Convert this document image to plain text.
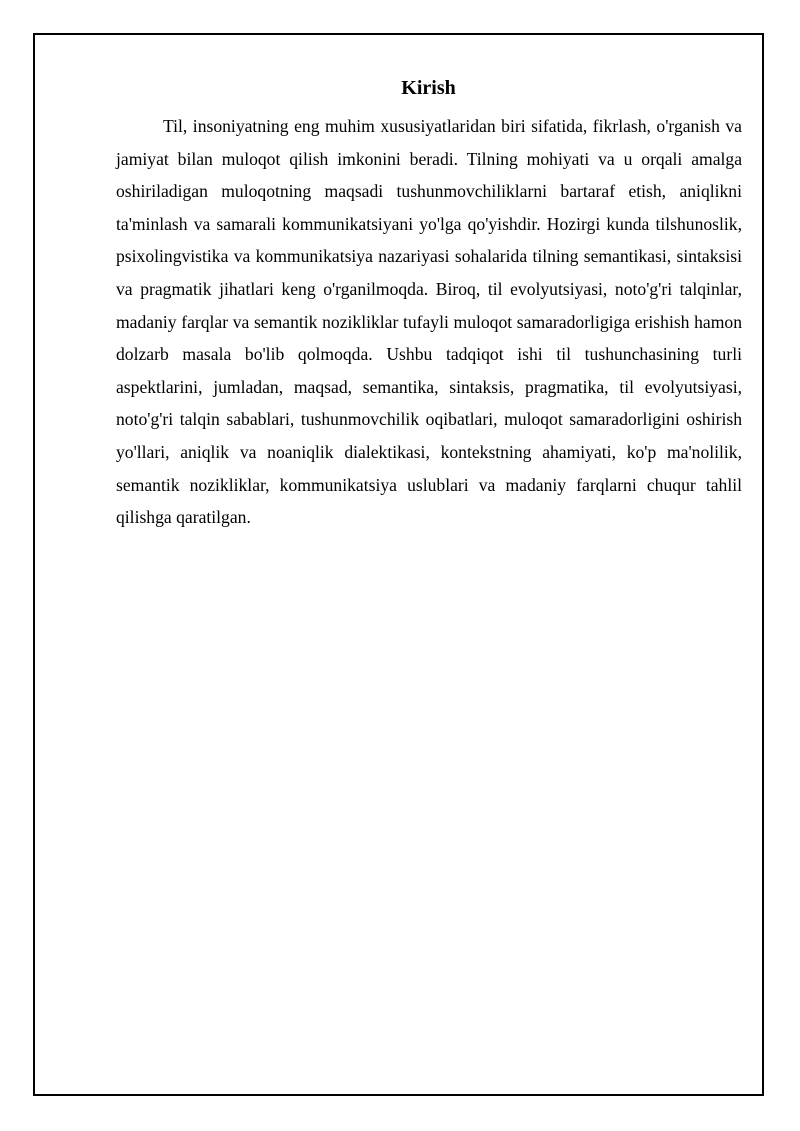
Kirish

Til, insoniyatning eng muhim xususiyatlaridan biri sifatida, fikrlash, o'rganish va jamiyat bilan muloqot qilish imkonini beradi. Tilning mohiyati va u orqali amalga oshiriladigan muloqotning maqsadi tushunmovchiliklarni bartaraf etish, aniqlikni ta'minlash va samarali kommunikatsiyani yo'lga qo'yishdir. Hozirgi kunda tilshunoslik, psixolingvistika va kommunikatsiya nazariyasi sohalarida tilning semantikasi, sintaksisi va pragmatik jihatlari keng o'rganilmoqda. Biroq, til evolyutsiyasi, noto'g'ri talqinlar, madaniy farqlar va semantik nozikliklar tufayli muloqot samaradorligiga erishish hamon dolzarb masala bo'lib qolmoqda. Ushbu tadqiqot ishi til tushunchasining turli aspektlarini, jumladan, maqsad, semantika, sintaksis, pragmatika, til evolyutsiyasi, noto'g'ri talqin sabablari, tushunmovchilik oqibatlari, muloqot samaradorligini oshirish yo'llari, aniqlik va noaniqlik dialektikasi, kontekstning ahamiyati, ko'p ma'nolilik, semantik nozikliklar, kommunikatsiya uslublari va madaniy farqlarni chuqur tahlil qilishga qaratilgan.
